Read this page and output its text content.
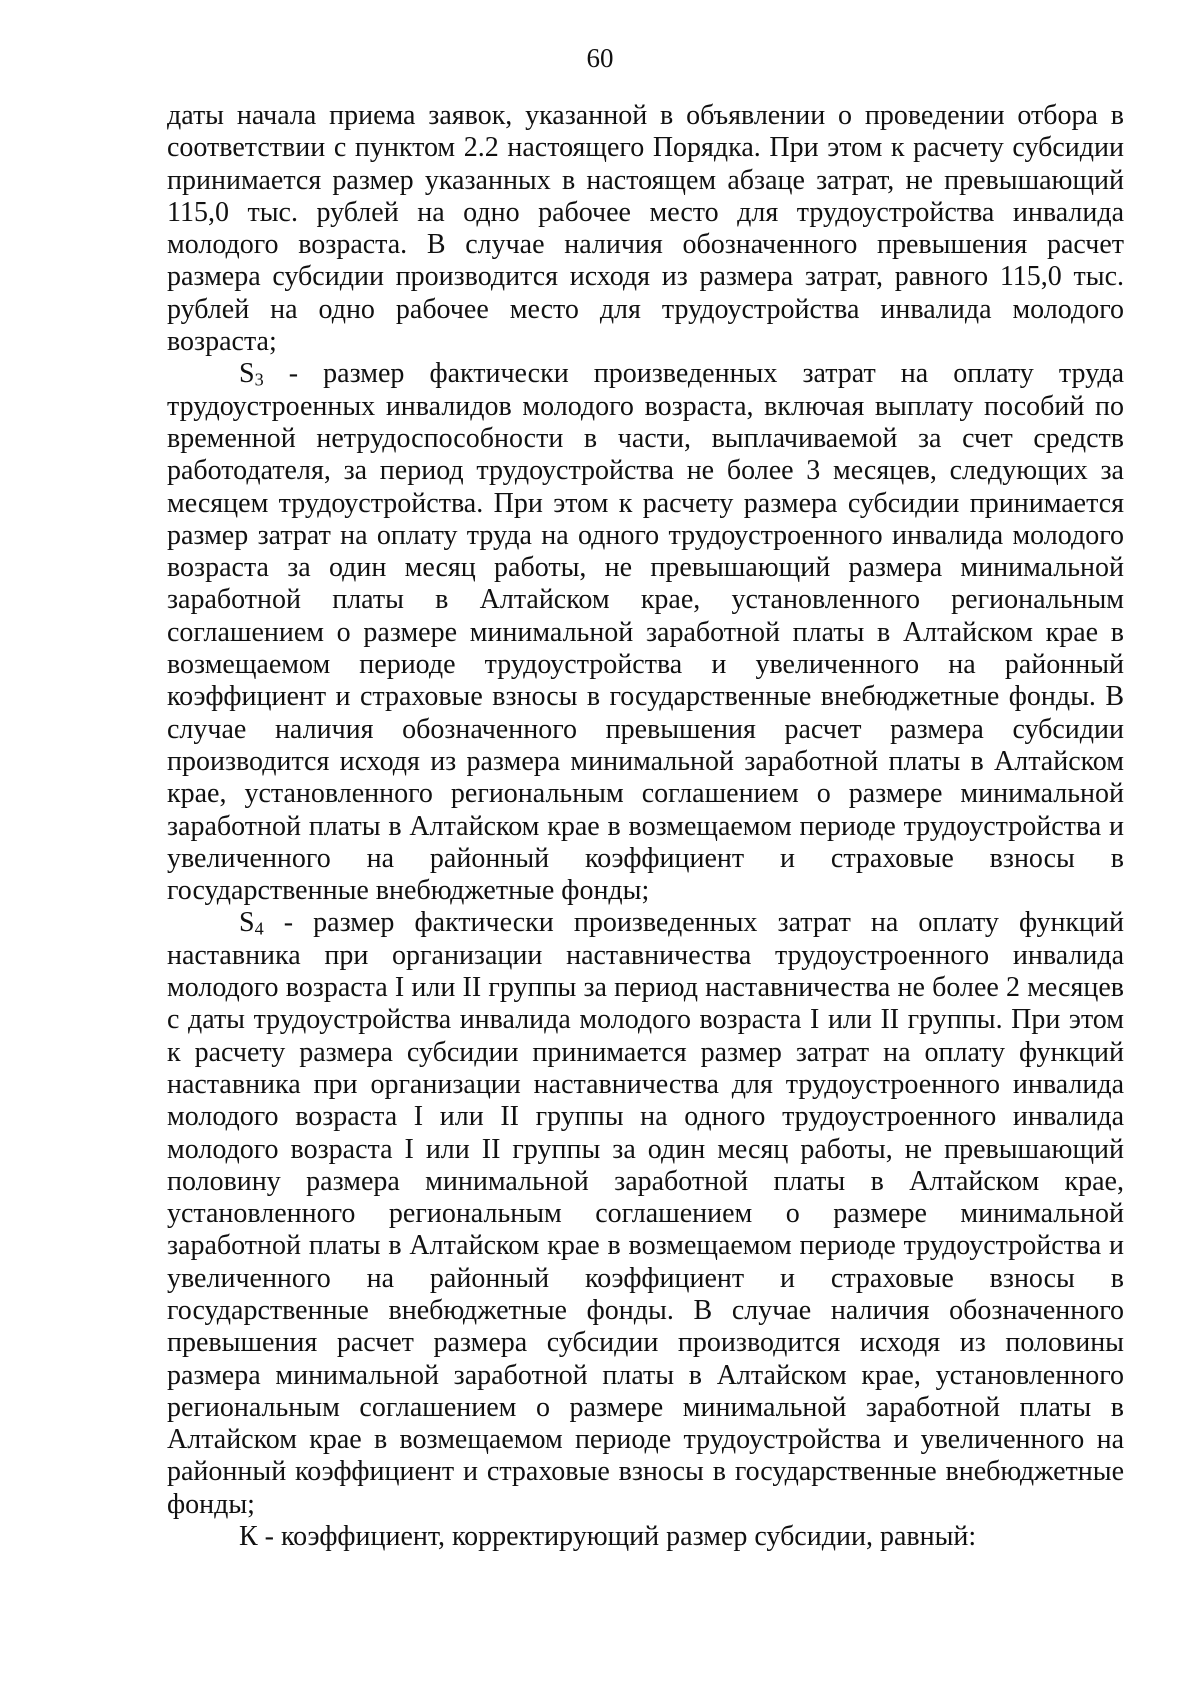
60

даты начала приема заявок, указанной в объявлении о проведении отбора в соответствии с пунктом 2.2 настоящего Порядка. При этом к расчету субсидии принимается размер указанных в настоящем абзаце затрат, не превышающий 115,0 тыс. рублей на одно рабочее место для трудоустройства инвалида молодого возраста. В случае наличия обозначенного превышения расчет размера субсидии производится исходя из размера затрат, равного 115,0 тыс. рублей на одно рабочее место для трудоустройства инвалида молодого возраста;

$S_3$ - размер фактически произведенных затрат на оплату труда трудоустроенных инвалидов молодого возраста, включая выплату пособий по временной нетрудоспособности в части, выплачиваемой за счет средств работодателя, за период трудоустройства не более 3 месяцев, следующих за месяцем трудоустройства. При этом к расчету размера субсидии принимается размер затрат на оплату труда на одного трудоустроенного инвалида молодого возраста за один месяц работы, не превышающий размера минимальной заработной платы в Алтайском крае, установленного региональным соглашением о размере минимальной заработной платы в Алтайском крае в возмещаемом периоде трудоустройства и увеличенного на районный коэффициент и страховые взносы в государственные внебюджетные фонды. В случае наличия обозначенного превышения расчет размера субсидии производится исходя из размера минимальной заработной платы в Алтайском крае, установленного региональным соглашением о размере минимальной заработной платы в Алтайском крае в возмещаемом периоде трудоустройства и увеличенного на районный коэффициент и страховые взносы в государственные внебюджетные фонды;

$S_4$ - размер фактически произведенных затрат на оплату функций наставника при организации наставничества трудоустроенного инвалида молодого возраста I или II группы за период наставничества не более 2 месяцев с даты трудоустройства инвалида молодого возраста I или II группы. При этом к расчету размера субсидии принимается размер затрат на оплату функций наставника при организации наставничества для трудоустроенного инвалида молодого возраста I или II группы на одного трудоустроенного инвалида молодого возраста I или II группы за один месяц работы, не превышающий половину размера минимальной заработной платы в Алтайском крае, установленного региональным соглашением о размере минимальной заработной платы в Алтайском крае в возмещаемом периоде трудоустройства и увеличенного на районный коэффициент и страховые взносы в государственные внебюджетные фонды. В случае наличия обозначенного превышения расчет размера субсидии производится исходя из половины размера минимальной заработной платы в Алтайском крае, установленного региональным соглашением о размере минимальной заработной платы в Алтайском крае в возмещаемом периоде трудоустройства и увеличенного на районный коэффициент и страховые взносы в государственные внебюджетные фонды;

К - коэффициент, корректирующий размер субсидии, равный:
